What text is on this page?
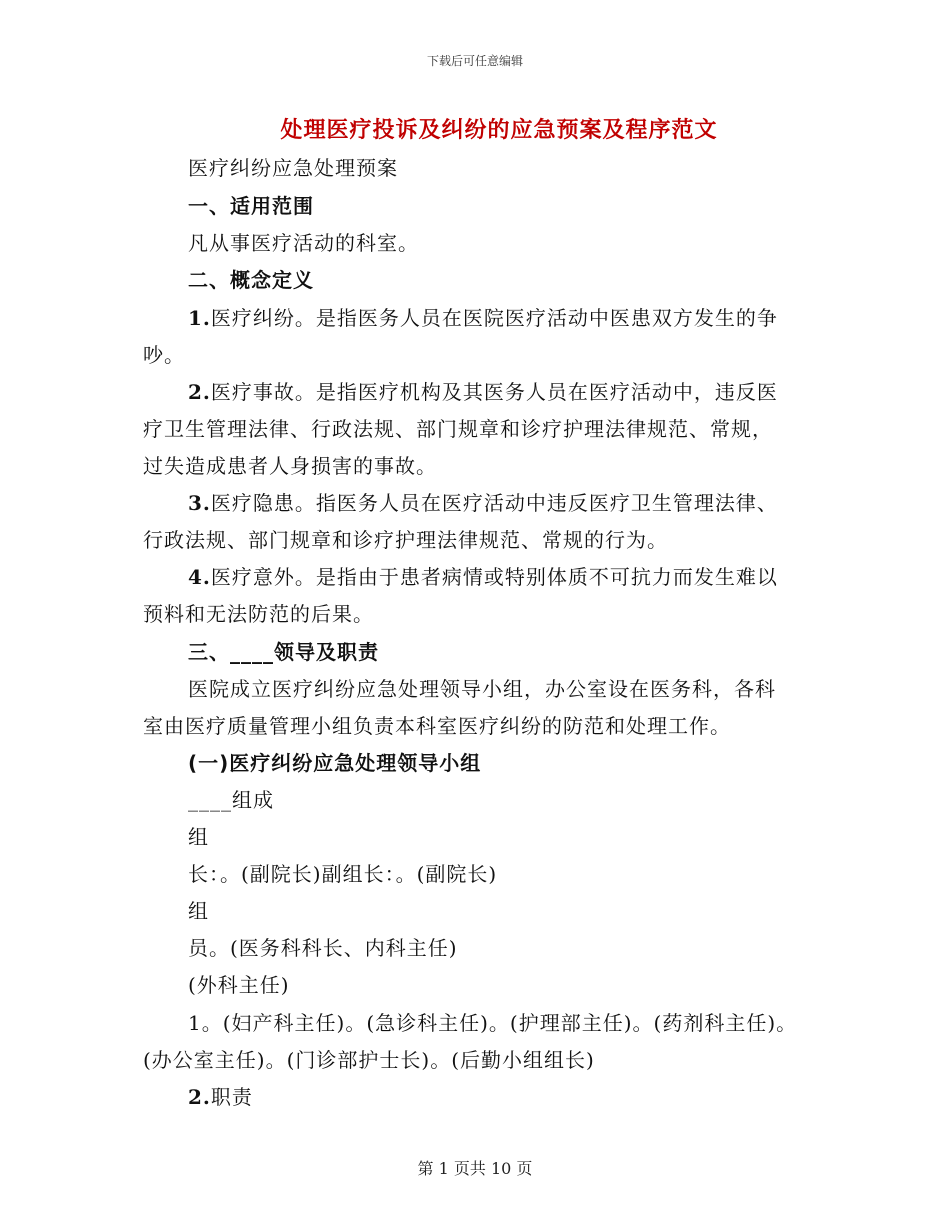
下载后可任意编辑
处理医疗投诉及纠纷的应急预案及程序范文
医疗纠纷应急处理预案
一、适用范围
凡从事医疗活动的科室。
二、概念定义
1.医疗纠纷。是指医务人员在医院医疗活动中医患双方发生的争
吵。
2.医疗事故。是指医疗机构及其医务人员在医疗活动中，违反医
疗卫生管理法律、行政法规、部门规章和诊疗护理法律规范、常规，
过失造成患者人身损害的事故。
3.医疗隐患。指医务人员在医疗活动中违反医疗卫生管理法律、
行政法规、部门规章和诊疗护理法律规范、常规的行为。
4.医疗意外。是指由于患者病情或特别体质不可抗力而发生难以
预料和无法防范的后果。
三、____领导及职责
医院成立医疗纠纷应急处理领导小组，办公室设在医务科，各科
室由医疗质量管理小组负责本科室医疗纠纷的防范和处理工作。
(一)医疗纠纷应急处理领导小组
____组成
组
长：。(副院长)副组长：。(副院长)
组
员。(医务科科长、内科主任)
(外科主任)
1。(妇产科主任)。(急诊科主任)。(护理部主任)。(药剂科主任)。
(办公室主任)。(门诊部护士长)。(后勤小组组长)
2.职责
第 1 页共 10 页
